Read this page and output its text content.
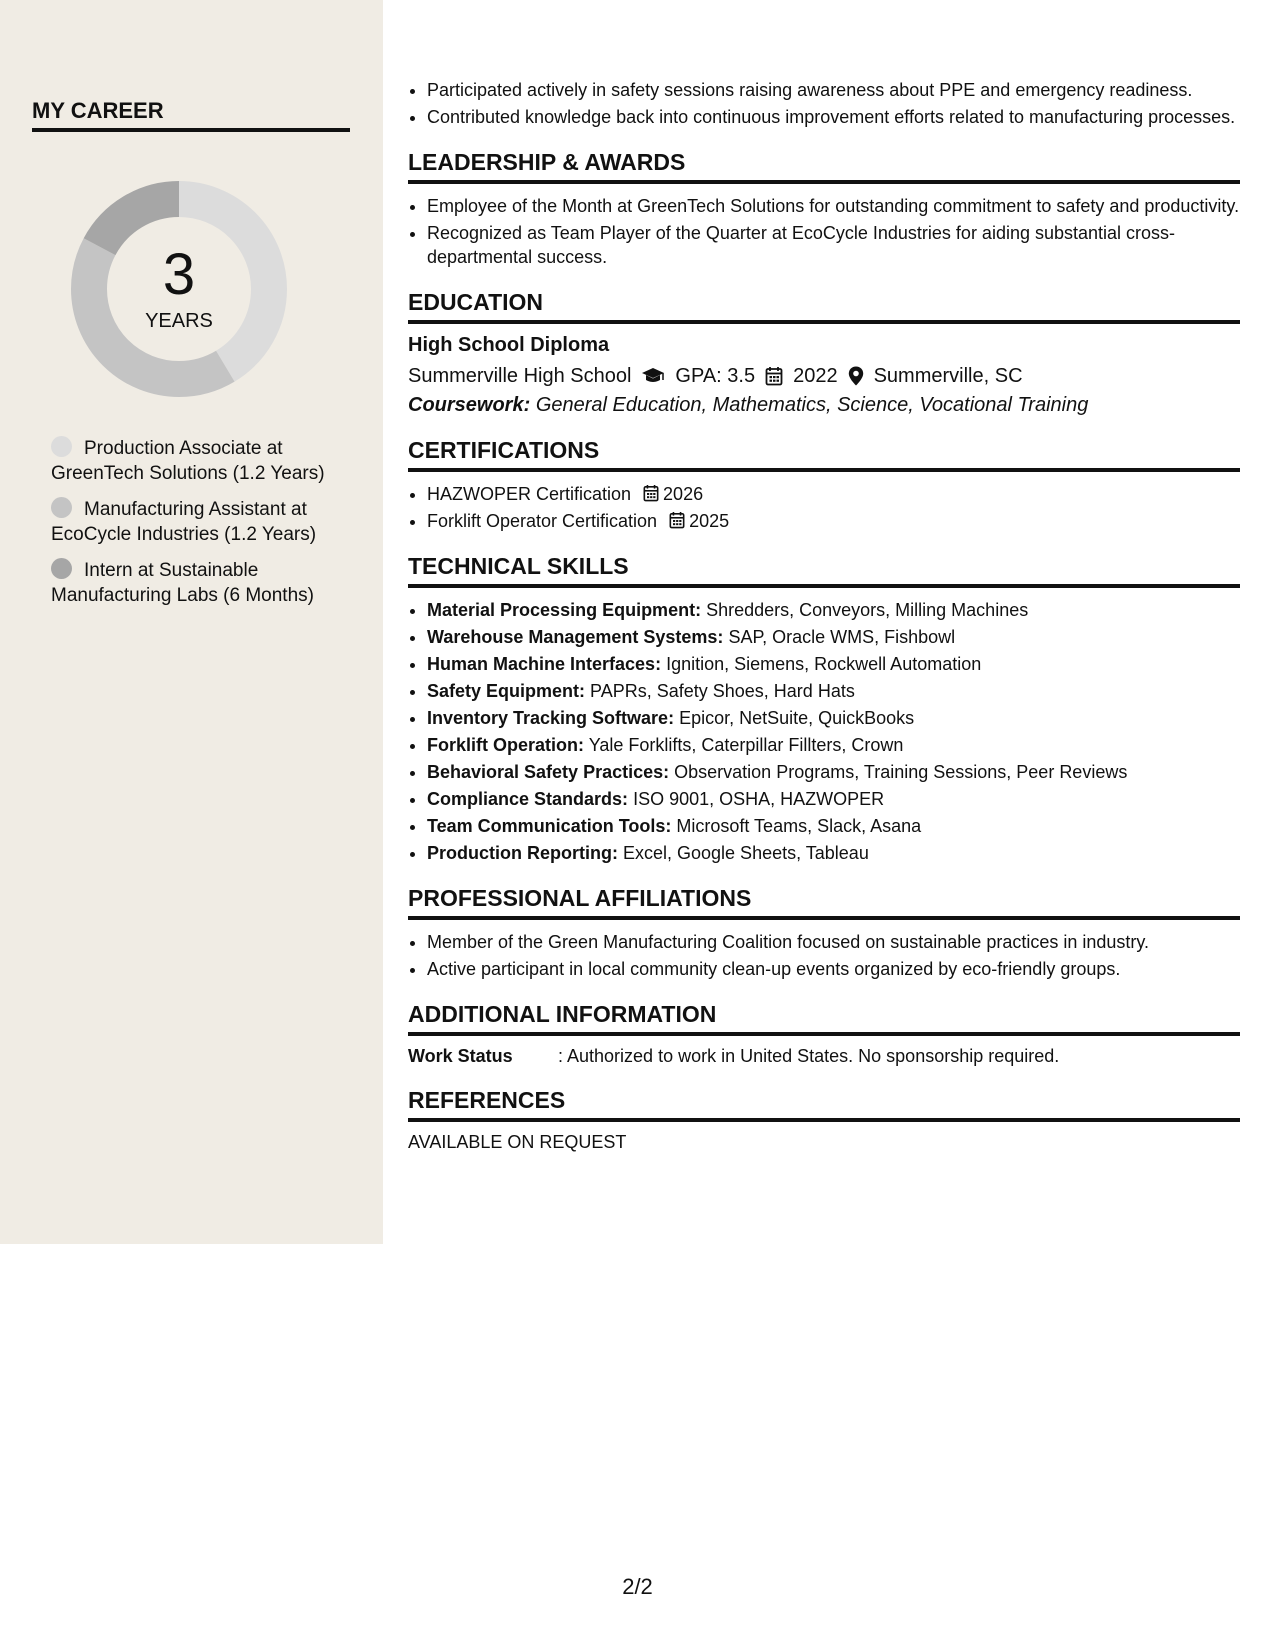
MY CAREER
3
YEARS
Production Associate at GreenTech Solutions (1.2 Years)
Manufacturing Assistant at EcoCycle Industries (1.2 Years)
Intern at Sustainable Manufacturing Labs (6 Months)
• Participated actively in safety sessions raising awareness about PPE and emergency readiness.
• Contributed knowledge back into continuous improvement efforts related to manufacturing processes.
LEADERSHIP & AWARDS
• Employee of the Month at GreenTech Solutions for outstanding commitment to safety and productivity.
• Recognized as Team Player of the Quarter at EcoCycle Industries for aiding substantial cross-departmental success.
EDUCATION
High School Diploma
Summerville High School GPA: 3.5 2022 Summerville, SC
Coursework: General Education, Mathematics, Science, Vocational Training
CERTIFICATIONS
• HAZWOPER Certification 2026
• Forklift Operator Certification 2025
TECHNICAL SKILLS
• Material Processing Equipment: Shredders, Conveyors, Milling Machines
• Warehouse Management Systems: SAP, Oracle WMS, Fishbowl
• Human Machine Interfaces: Ignition, Siemens, Rockwell Automation
• Safety Equipment: PAPRs, Safety Shoes, Hard Hats
• Inventory Tracking Software: Epicor, NetSuite, QuickBooks
• Forklift Operation: Yale Forklifts, Caterpillar Fillters, Crown
• Behavioral Safety Practices: Observation Programs, Training Sessions, Peer Reviews
• Compliance Standards: ISO 9001, OSHA, HAZWOPER
• Team Communication Tools: Microsoft Teams, Slack, Asana
• Production Reporting: Excel, Google Sheets, Tableau
PROFESSIONAL AFFILIATIONS
• Member of the Green Manufacturing Coalition focused on sustainable practices in industry.
• Active participant in local community clean-up events organized by eco-friendly groups.
ADDITIONAL INFORMATION
Work Status	: Authorized to work in United States. No sponsorship required.
REFERENCES
AVAILABLE ON REQUEST
2/2
